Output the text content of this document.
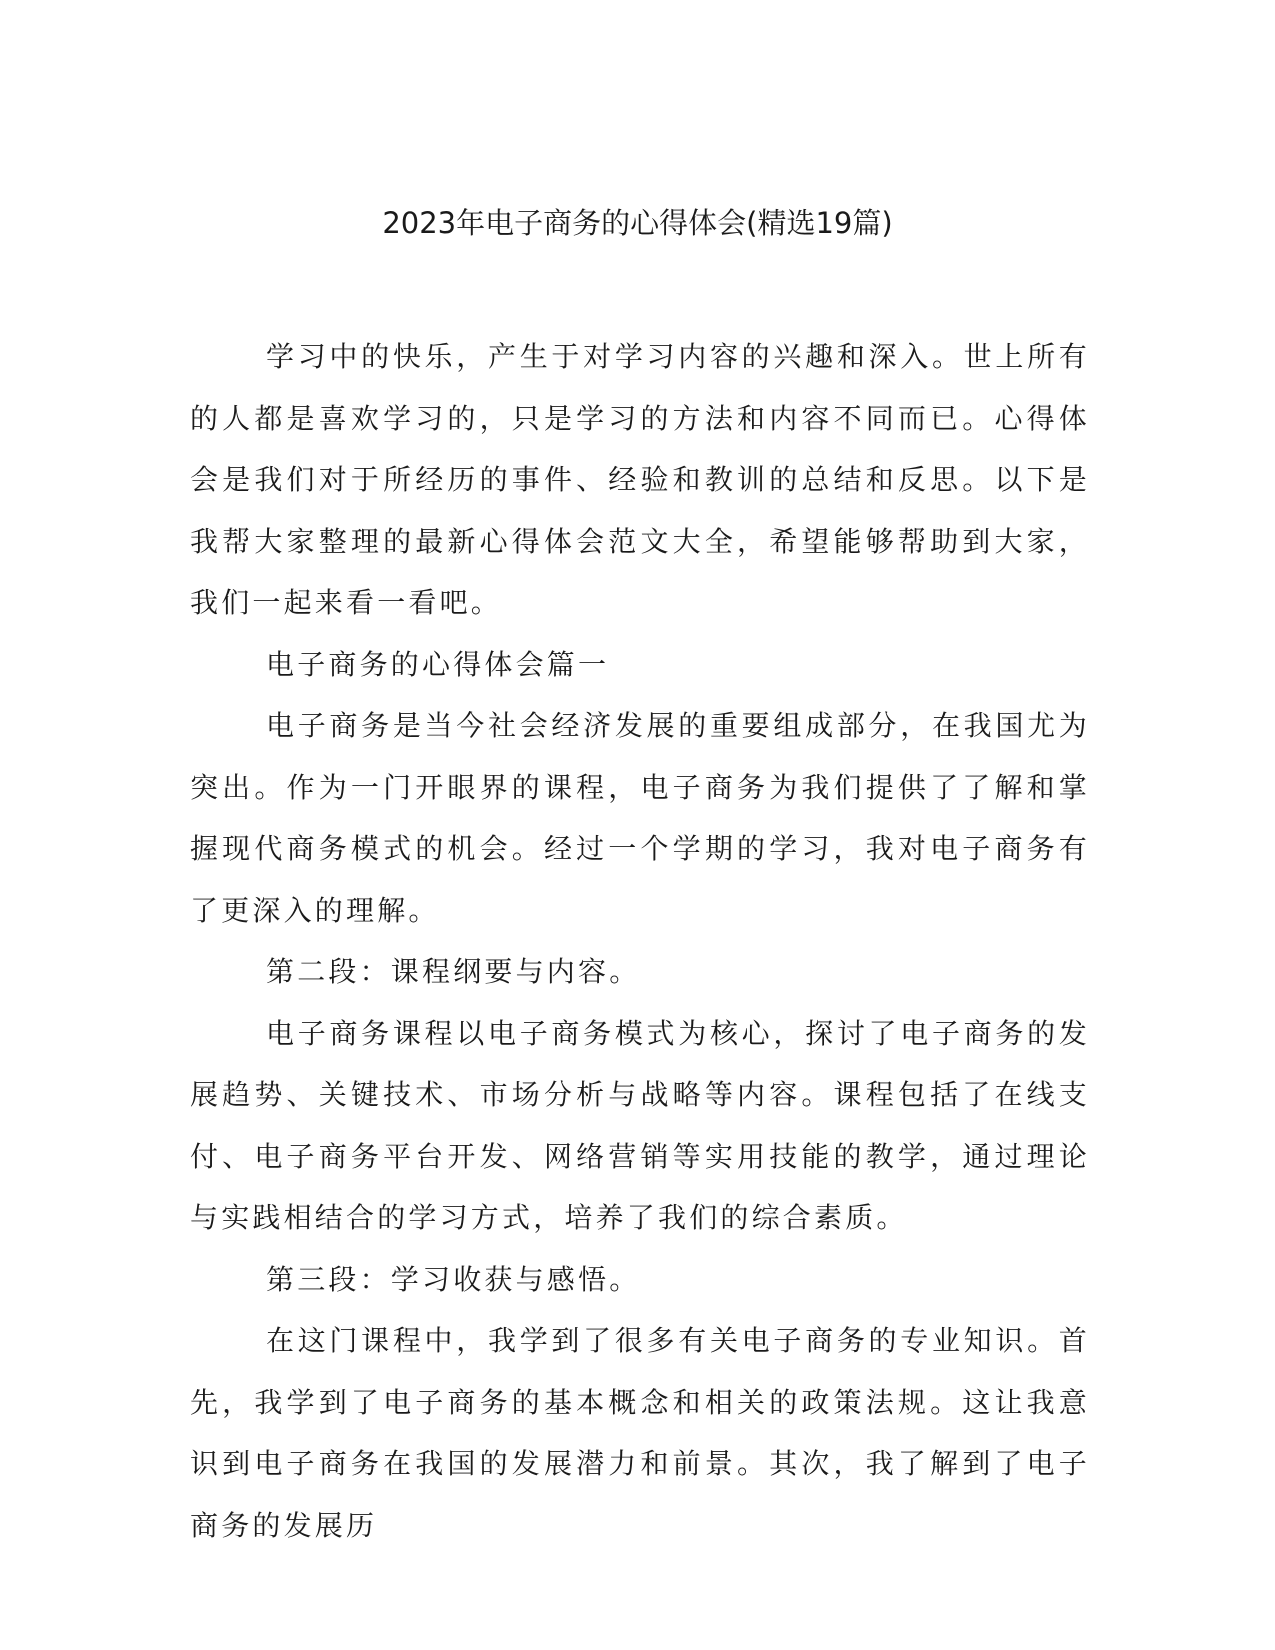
2023年电子商务的心得体会(精选19篇)

学习中的快乐，产生于对学习内容的兴趣和深入。世上所有的人都是喜欢学习的，只是学习的方法和内容不同而已。心得体会是我们对于所经历的事件、经验和教训的总结和反思。以下是我帮大家整理的最新心得体会范文大全，希望能够帮助到大家，我们一起来看一看吧。

电子商务的心得体会篇一

电子商务是当今社会经济发展的重要组成部分，在我国尤为突出。作为一门开眼界的课程，电子商务为我们提供了了解和掌握现代商务模式的机会。经过一个学期的学习，我对电子商务有了更深入的理解。

第二段：课程纲要与内容。

电子商务课程以电子商务模式为核心，探讨了电子商务的发展趋势、关键技术、市场分析与战略等内容。课程包括了在线支付、电子商务平台开发、网络营销等实用技能的教学，通过理论与实践相结合的学习方式，培养了我们的综合素质。

第三段：学习收获与感悟。

在这门课程中，我学到了很多有关电子商务的专业知识。首先，我学到了电子商务的基本概念和相关的政策法规。这让我意识到电子商务在我国的发展潜力和前景。其次，我了解到了电子商务的发展历
